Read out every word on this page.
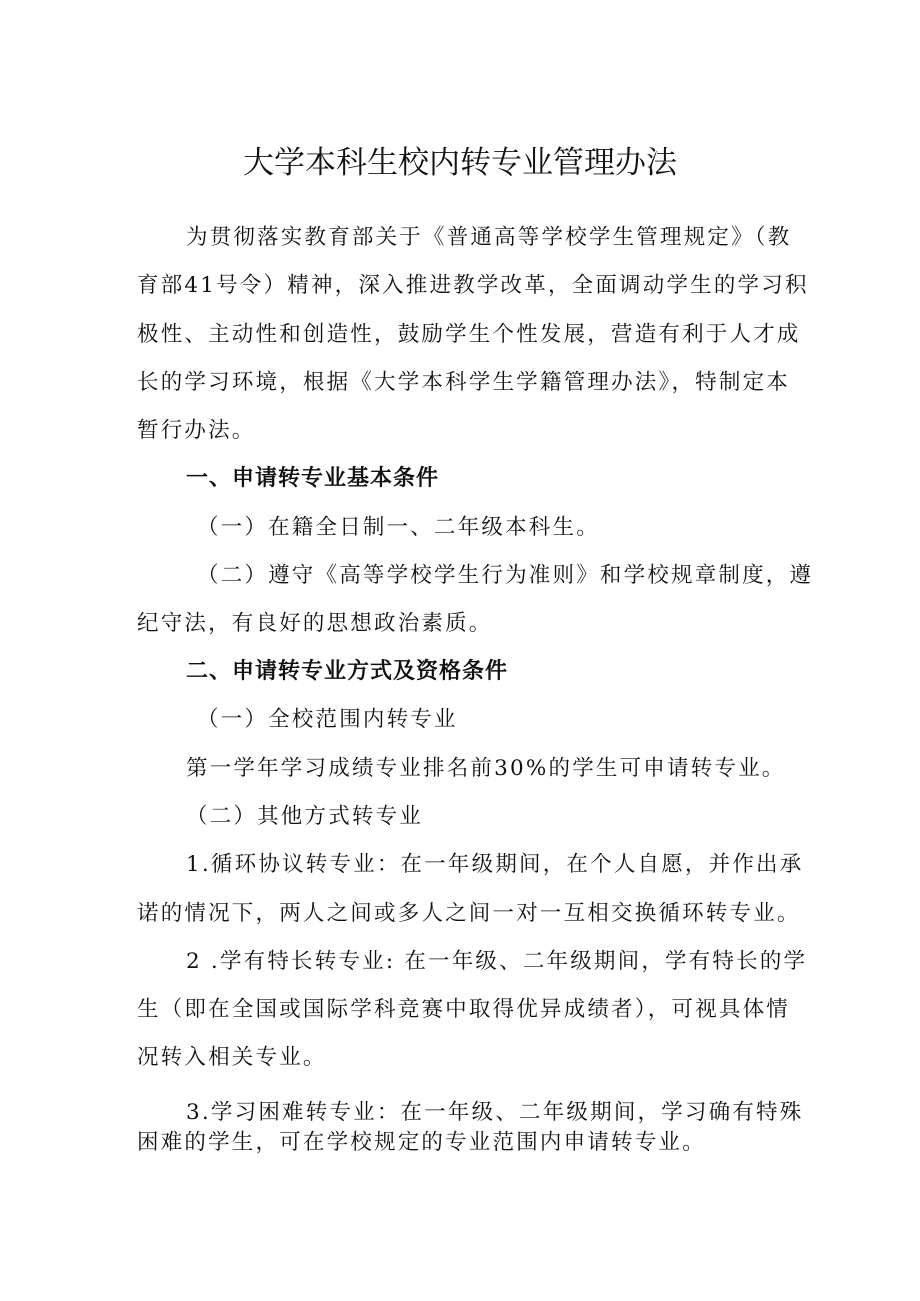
大学本科生校内转专业管理办法
为贯彻落实教育部关于《普通高等学校学生管理规定》（教
育部41号令）精神，深入推进教学改革，全面调动学生的学习积
极性、主动性和创造性，鼓励学生个性发展，营造有利于人才成
长的学习环境，根据《大学本科学生学籍管理办法》，特制定本
暂行办法。
一、申请转专业基本条件
（一）在籍全日制一、二年级本科生。
（二）遵守《高等学校学生行为准则》和学校规章制度，遵
纪守法，有良好的思想政治素质。
二、申请转专业方式及资格条件
（一）全校范围内转专业
第一学年学习成绩专业排名前30%的学生可申请转专业。
（二）其他方式转专业
1.循环协议转专业：在一年级期间，在个人自愿，并作出承
诺的情况下，两人之间或多人之间一对一互相交换循环转专业。
2 .学有特长转专业: 在一年级、二年级期间，学有特长的学
生（即在全国或国际学科竞赛中取得优异成绩者），可视具体情
况转入相关专业。
3.学习困难转专业：在一年级、二年级期间，学习确有特殊
困难的学生，可在学校规定的专业范围内申请转专业。
